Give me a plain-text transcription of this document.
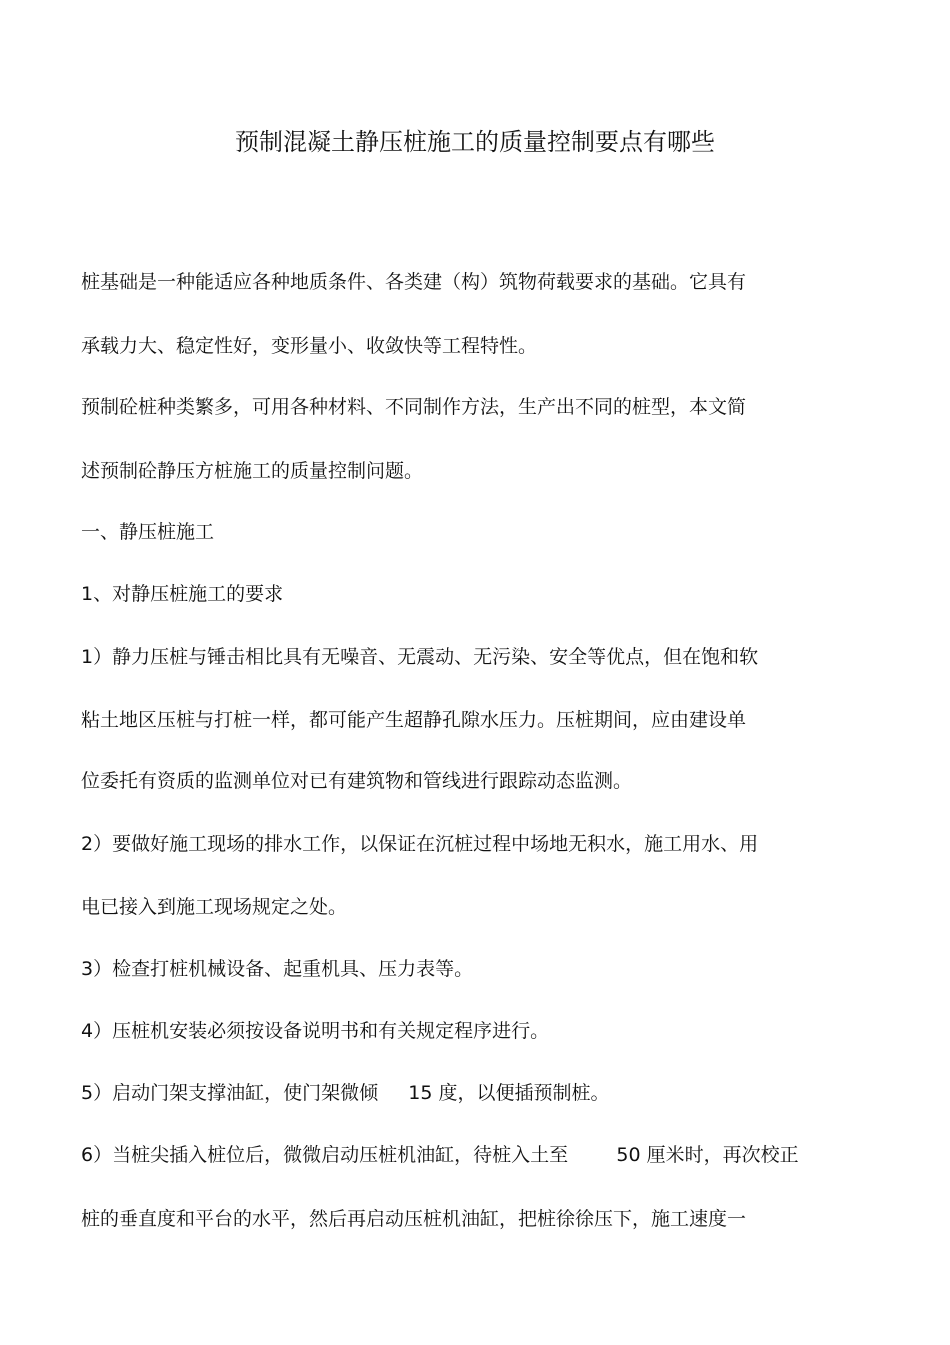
预制混凝土静压桩施工的质量控制要点有哪些
桩基础是一种能适应各种地质条件、各类建（构）筑物荷载要求的基础。它具有
承载力大、稳定性好，变形量小、收敛快等工程特性。
预制砼桩种类繁多，可用各种材料、不同制作方法，生产出不同的桩型，本文简
述预制砼静压方桩施工的质量控制问题。
一、静压桩施工
1、对静压桩施工的要求
1）静力压桩与锤击相比具有无噪音、无震动、无污染、安全等优点，但在饱和软
粘土地区压桩与打桩一样，都可能产生超静孔隙水压力。压桩期间，应由建设单
位委托有资质的监测单位对已有建筑物和管线进行跟踪动态监测。
2）要做好施工现场的排水工作，以保证在沉桩过程中场地无积水，施工用水、用
电已接入到施工现场规定之处。
3）检查打桩机械设备、起重机具、压力表等。
4）压桩机安装必须按设备说明书和有关规定程序进行。
5）启动门架支撑油缸，使门架微倾     15 度，以便插预制桩。
6）当桩尖插入桩位后，微微启动压桩机油缸，待桩入土至        50 厘米时，再次校正
桩的垂直度和平台的水平，然后再启动压桩机油缸，把桩徐徐压下，施工速度一
